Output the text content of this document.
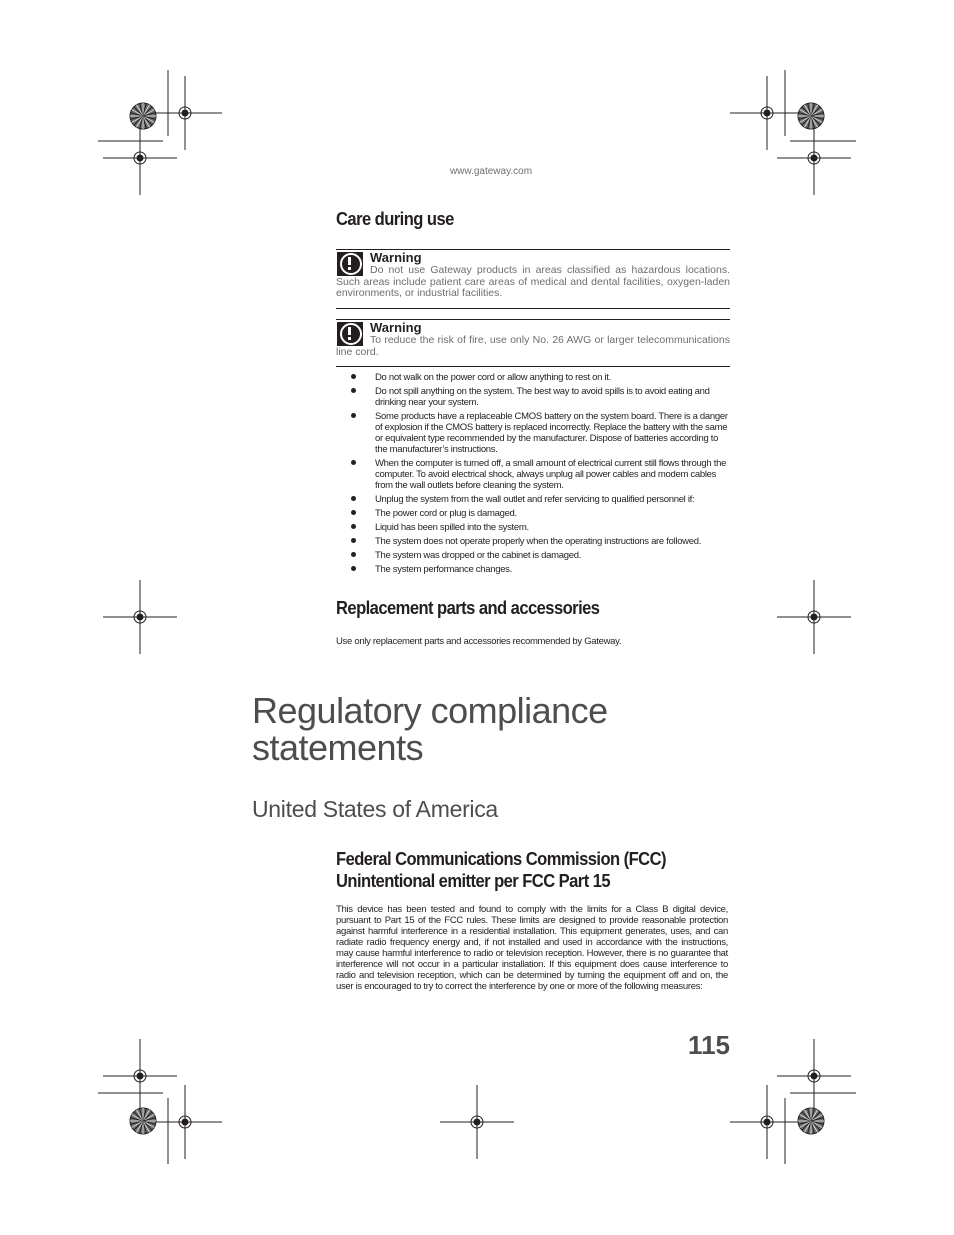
www.gateway.com
Care during use
Warning
Do not use Gateway products in areas classified as hazardous locations. Such areas include patient care areas of medical and dental facilities, oxygen-laden environments, or industrial facilities.
Warning
To reduce the risk of fire, use only No. 26 AWG or larger telecommunications line cord.
Do not walk on the power cord or allow anything to rest on it.
Do not spill anything on the system. The best way to avoid spills is to avoid eating and drinking near your system.
Some products have a replaceable CMOS battery on the system board. There is a danger of explosion if the CMOS battery is replaced incorrectly. Replace the battery with the same or equivalent type recommended by the manufacturer. Dispose of batteries according to the manufacturer’s instructions.
When the computer is turned off, a small amount of electrical current still flows through the computer. To avoid electrical shock, always unplug all power cables and modem cables from the wall outlets before cleaning the system.
Unplug the system from the wall outlet and refer servicing to qualified personnel if:
The power cord or plug is damaged.
Liquid has been spilled into the system.
The system does not operate properly when the operating instructions are followed.
The system was dropped or the cabinet is damaged.
The system performance changes.
Replacement parts and accessories
Use only replacement parts and accessories recommended by Gateway.
Regulatory compliance
statements
United States of America
Federal Communications Commission (FCC)
Unintentional emitter per FCC Part 15
This device has been tested and found to comply with the limits for a Class B digital device, pursuant to Part 15 of the FCC rules. These limits are designed to provide reasonable protection against harmful interference in a residential installation. This equipment generates, uses, and can radiate radio frequency energy and, if not installed and used in accordance with the instructions, may cause harmful interference to radio or television reception. However, there is no guarantee that interference will not occur in a particular installation. If this equipment does cause interference to radio and television reception, which can be determined by turning the equipment off and on, the user is encouraged to try to correct the interference by one or more of the following measures:
115
